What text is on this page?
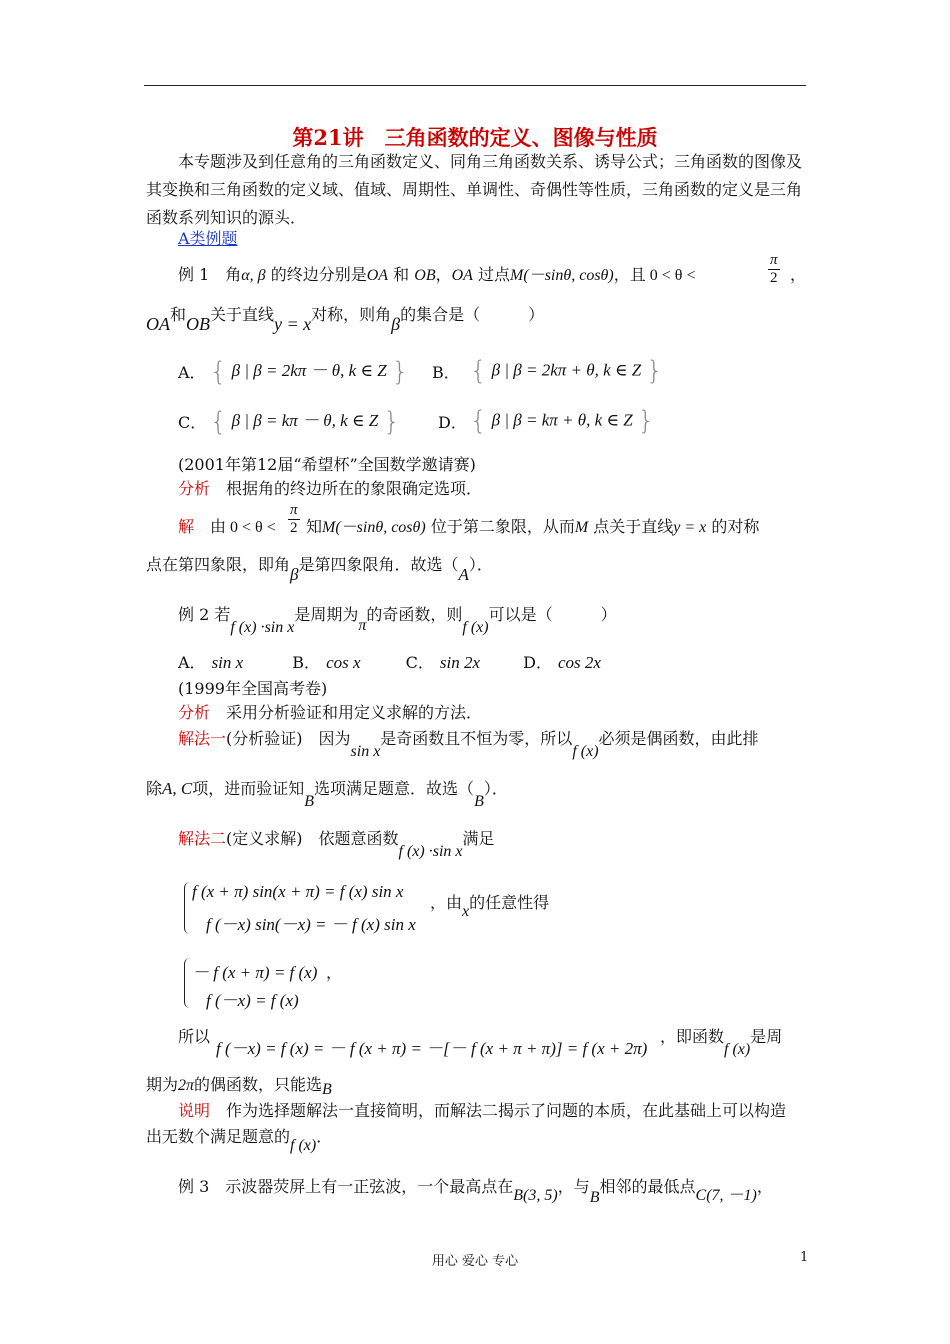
第21讲　三角函数的定义、图像与性质
本专题涉及到任意角的三角函数定义、同角三角函数关系、诱导公式；三角函数的图像及其变换和三角函数的定义域、值域、周期性、单调性、奇偶性等性质，三角函数的定义是三角函数系列知识的源头．
A类例题
例 1　角α, β 的终边分别是OA 和 OB，OA 过点M(－sinθ, cosθ)，且 0 < θ <	$\frac{\pi}{2}$ ，
OA和OB关于直线y = x对称，则角β的集合是（　　　）
A． { β | β = 2kπ － θ, k ∈ Z } B． { β | β = 2kπ + θ, k ∈ Z }
C． { β | β = kπ － θ, k ∈ Z } D． { β | β = kπ + θ, k ∈ Z }
(2001年第12届“希望杯”全国数学邀请赛)
分析　根据角的终边所在的象限确定选项．
解　由 $0 < \theta < \frac{\pi}{2}$ 知M(－sinθ, cosθ) 位于第二象限，从而M 点关于直线y = x 的对称
点在第四象限，即角β是第四象限角．故选（A）．
例 2 若f (x) ·sin x是周期为π的奇函数，则f (x)可以是（　　　）
A． sin x	B． cos x	C． sin 2x	D． cos 2x
(1999年全国高考卷)
分析　采用分析验证和用定义求解的方法．
解法一(分析验证)　因为sin x是奇函数且不恒为零，所以f (x)必须是偶函数，由此排
除A, C项，进而验证知B选项满足题意．故选（B）．
解法二(定义求解)　依题意函数f (x) ·sin x满足
f (x + π) sin(x + π) = f (x) sin x
f (－x) sin(－x) = － f (x) sin x
，由x的任意性得
－ f (x + π) = f (x)
f (－x) = f (x)
，
所以
f (－x) = f (x) = － f (x + π) = －[－ f (x + π + π)] = f (x + 2π)
，即函数f (x)是周
期为2π的偶函数，只能选B
说明　作为选择题解法一直接简明，而解法二揭示了问题的本质，在此基础上可以构造
出无数个满足题意的f (x)．
例 3　示波器荧屏上有一正弦波，一个最高点在B(3, 5)，与B相邻的最低点C(7, －1)，
用心 爱心 专心	1
